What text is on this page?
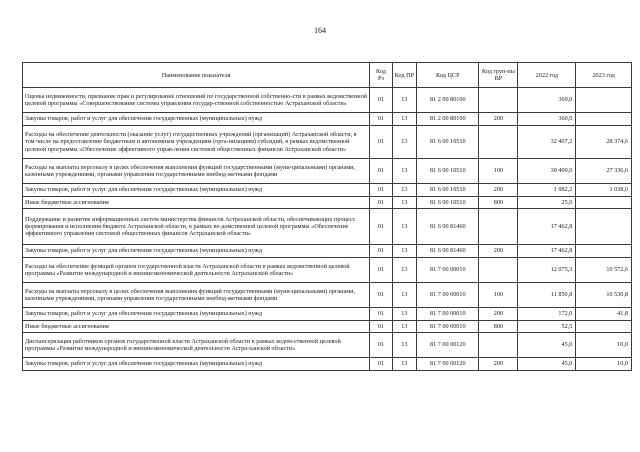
164
Наименование показателя	Код Рз	Код ПР	Код ЦСР	Код груп-пы ВР	2022 год	2023 год
Оценка недвижимости, признание прав и регулирование отношений по государственной собственно-сти в рамках ведомственной целевой программы «Совершенствование системы управления государ-ственной собственностью Астраханской области»	01	13	81 2 00 80100		360,0	
Закупка товаров, работ и услуг для обеспечения государственных (муниципальных) нужд	01	13	81 2 00 80100	200	360,0	
Расходы на обеспечение деятельности (оказание услуг) государственных учреждений (организаций) Астраханской области, в том числе на предоставление бюджетным и автономным учреждениям (орга-низациям) субсидий, в рамках ведомственной целевой программы «Обеспечение эффективного управ-ления системой общественных финансов Астраханской области»	01	13	81 6 00 10510		32 407,2	28 374,6
Расходы на выплаты персоналу в целях обеспечения выполнения функций государственными (муни-ципальными) органами, казенными учреждениями, органами управления государственными внебюд-жетными фондами	01	13	81 6 00 10510	100	30 400,0	27 336,6
Закупка товаров, работ и услуг для обеспечения государственных (муниципальных) нужд	01	13	81 6 00 10510	200	1 982,2	1 038,0
Иные бюджетные ассигнования	01	13	81 6 00 10510	800	25,0	
Поддержание и развитие информационных систем министерства финансов Астраханской области, обеспечивающих процесс формирования и исполнения бюджета Астраханской области, в рамках ве-домственной целевой программы «Обеспечение эффективного управления системой общественных финансов Астраханской области»	01	13	81 6 00 81460		17 462,8	
Закупка товаров, работ и услуг для обеспечения государственных (муниципальных) нужд	01	13	81 6 00 81460	200	17 462,8	
Расходы на обеспечение функций органов государственной власти Астраханской области в рамках ведомственной целевой программы «Развитие международной и внешнеэкономической деятельности Астраханской области»	01	13	81 7 00 00010		12 075,3	10 572,6
Расходы на выплаты персоналу в целях обеспечения выполнения функций государственными (муни-ципальными) органами, казенными учреждениями, органами управления государственными внебюд-жетными фондами	01	13	81 7 00 00010	100	11 850,8	10 530,8
Закупка товаров, работ и услуг для обеспечения государственных (муниципальных) нужд	01	13	81 7 00 00010	200	172,0	41,8
Иные бюджетные ассигнования	01	13	81 7 00 00010	800	52,5	
Диспансеризация работников органов государственной власти Астраханской области в рамках ведом-ственной целевой программы «Развитие международной и внешнеэкономической деятельности Астра-ханской области»	01	13	81 7 00 00120		45,0	10,0
Закупка товаров, работ и услуг для обеспечения государственных (муниципальных) нужд	01	13	81 7 00 00120	200	45,0	10,0
